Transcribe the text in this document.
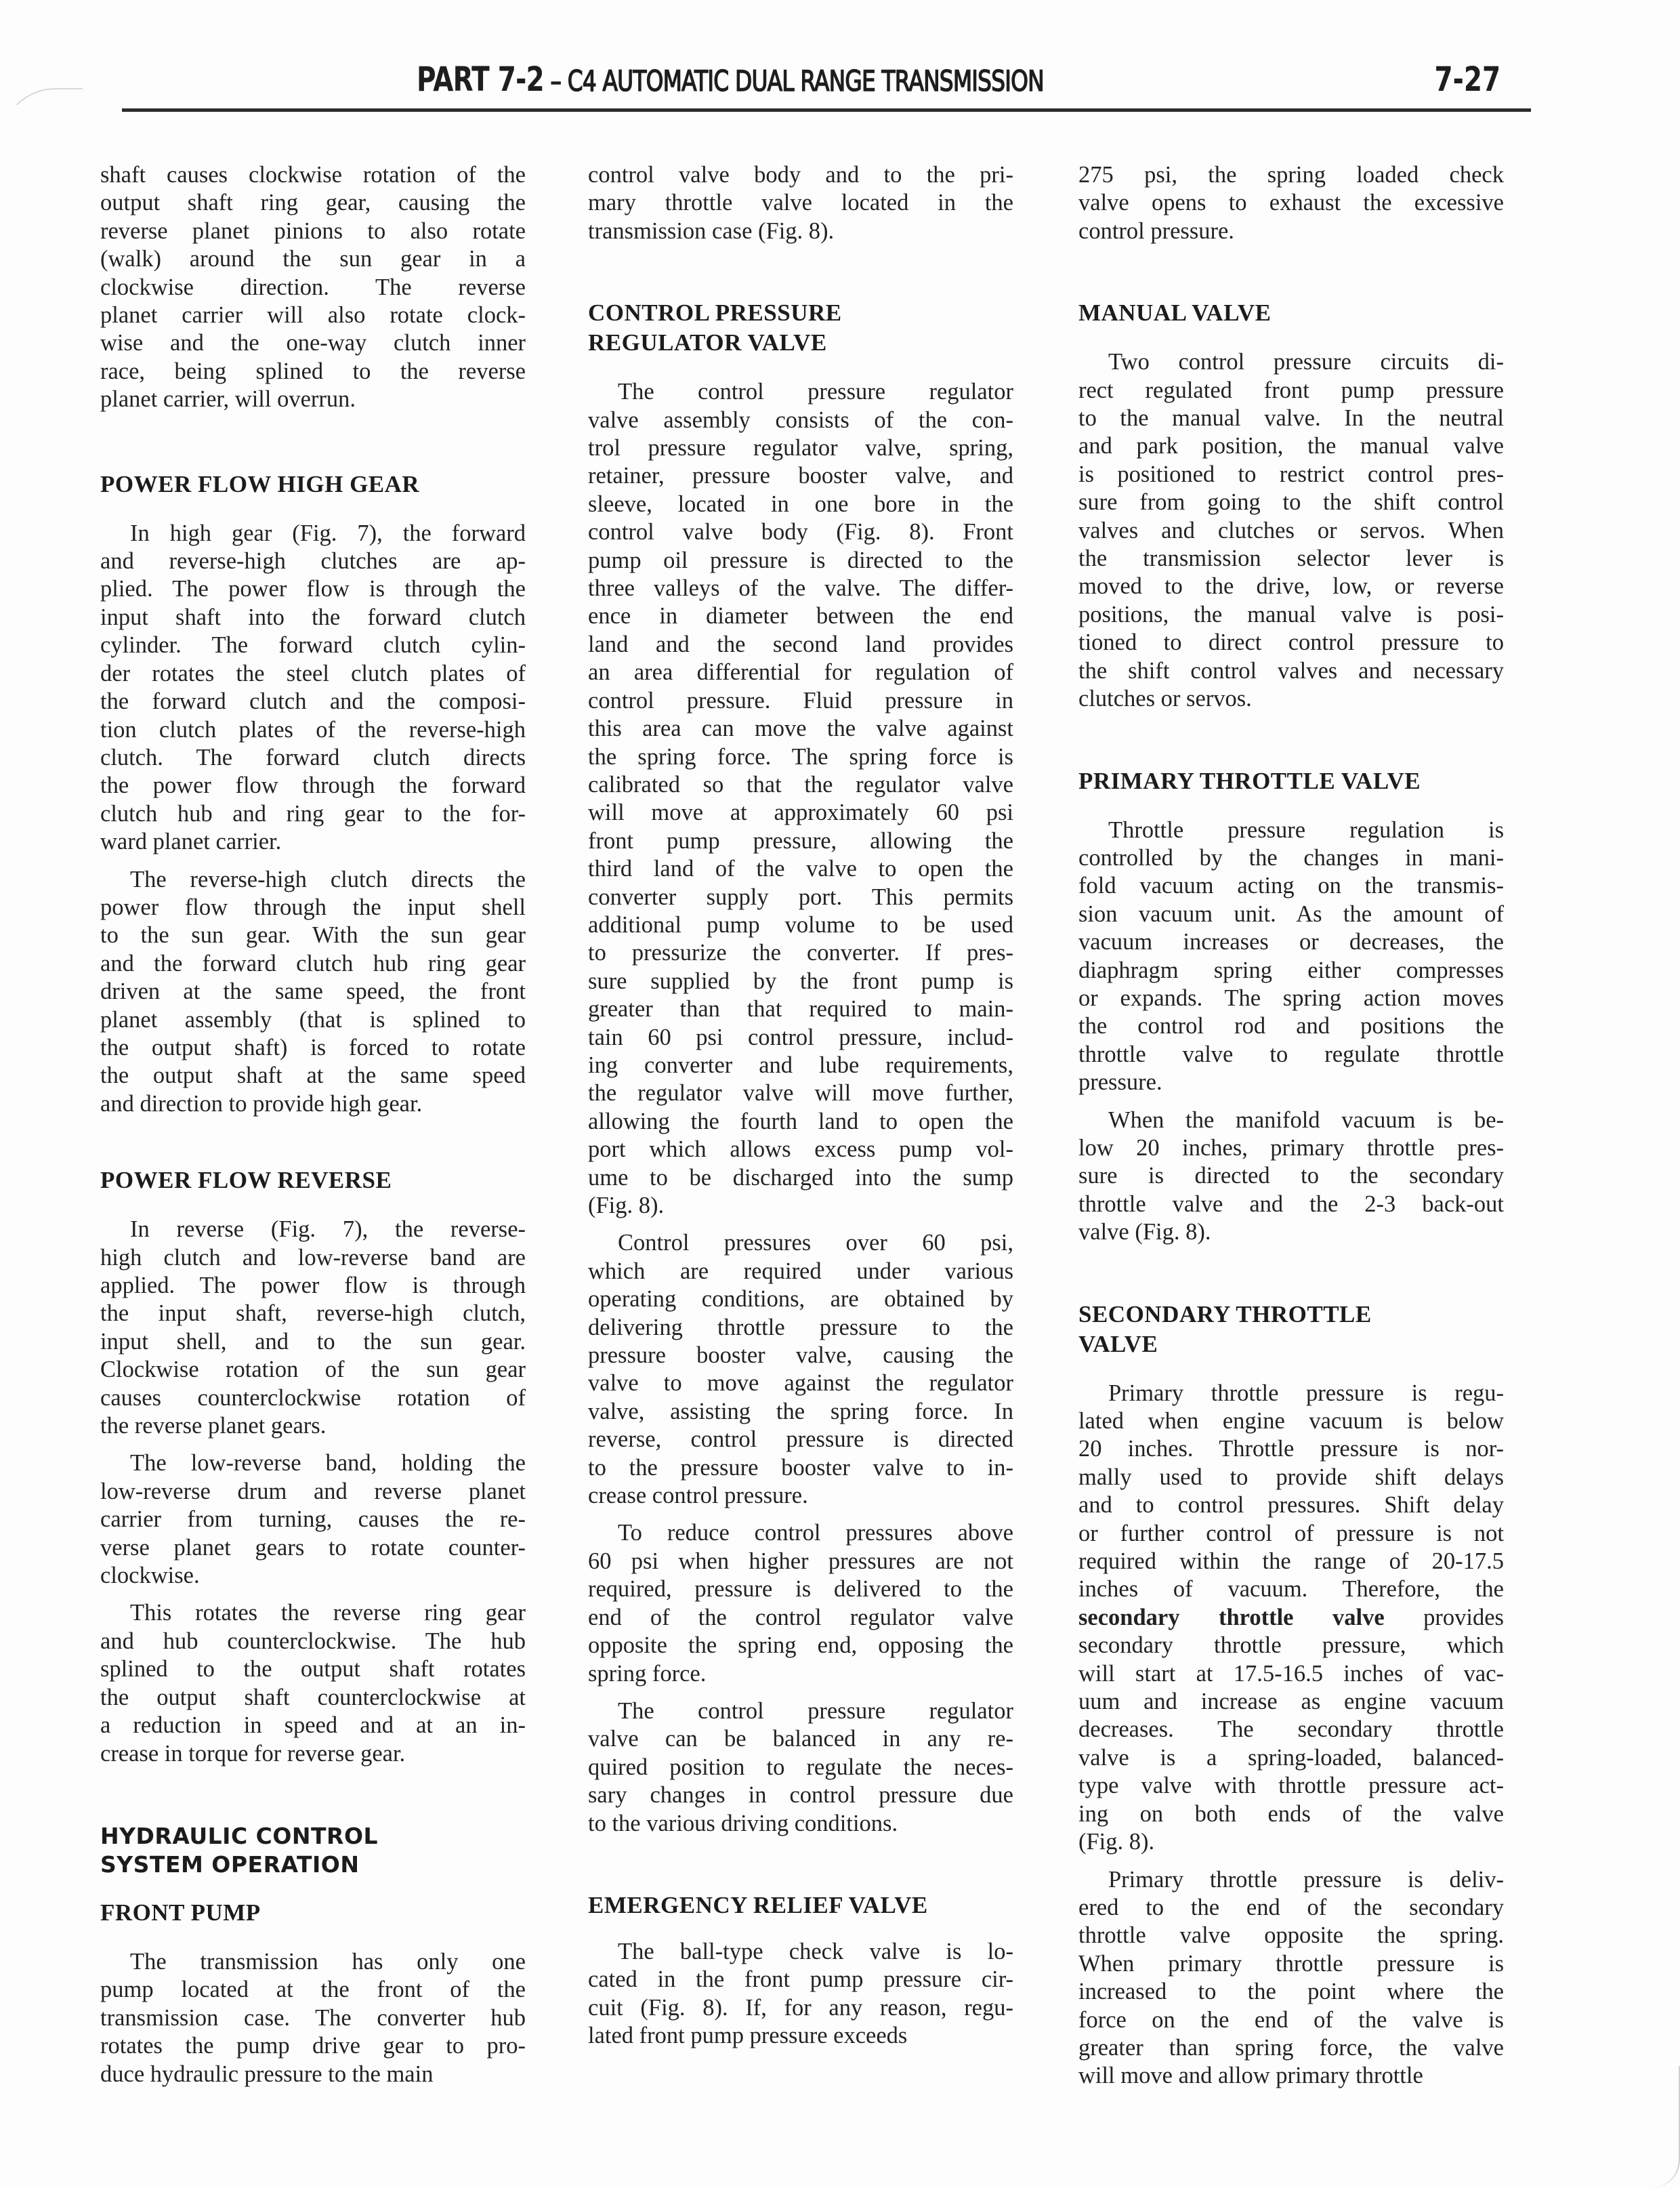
PART 7-2 – C4 AUTOMATIC DUAL RANGE TRANSMISSION	7-27
shaft causes clockwise rotation of the
output shaft ring gear, causing the
reverse planet pinions to also rotate
(walk) around the sun gear in a
clockwise direction. The reverse
planet carrier will also rotate clock-
wise and the one-way clutch inner
race, being splined to the reverse
planet carrier, will overrun.
POWER FLOW HIGH GEAR
In high gear (Fig. 7), the forward
and reverse-high clutches are ap-
plied. The power flow is through the
input shaft into the forward clutch
cylinder. The forward clutch cylin-
der rotates the steel clutch plates of
the forward clutch and the composi-
tion clutch plates of the reverse-high
clutch. The forward clutch directs
the power flow through the forward
clutch hub and ring gear to the for-
ward planet carrier.
The reverse-high clutch directs the
power flow through the input shell
to the sun gear. With the sun gear
and the forward clutch hub ring gear
driven at the same speed, the front
planet assembly (that is splined to
the output shaft) is forced to rotate
the output shaft at the same speed
and direction to provide high gear.
POWER FLOW REVERSE
In reverse (Fig. 7), the reverse-
high clutch and low-reverse band are
applied. The power flow is through
the input shaft, reverse-high clutch,
input shell, and to the sun gear.
Clockwise rotation of the sun gear
causes counterclockwise rotation of
the reverse planet gears.
The low-reverse band, holding the
low-reverse drum and reverse planet
carrier from turning, causes the re-
verse planet gears to rotate counter-
clockwise.
This rotates the reverse ring gear
and hub counterclockwise. The hub
splined to the output shaft rotates
the output shaft counterclockwise at
a reduction in speed and at an in-
crease in torque for reverse gear.
HYDRAULIC CONTROL
SYSTEM OPERATION
FRONT PUMP
The transmission has only one
pump located at the front of the
transmission case. The converter hub
rotates the pump drive gear to pro-
duce hydraulic pressure to the main
control valve body and to the pri-
mary throttle valve located in the
transmission case (Fig. 8).
CONTROL PRESSURE
REGULATOR VALVE
The control pressure regulator
valve assembly consists of the con-
trol pressure regulator valve, spring,
retainer, pressure booster valve, and
sleeve, located in one bore in the
control valve body (Fig. 8). Front
pump oil pressure is directed to the
three valleys of the valve. The differ-
ence in diameter between the end
land and the second land provides
an area differential for regulation of
control pressure. Fluid pressure in
this area can move the valve against
the spring force. The spring force is
calibrated so that the regulator valve
will move at approximately 60 psi
front pump pressure, allowing the
third land of the valve to open the
converter supply port. This permits
additional pump volume to be used
to pressurize the converter. If pres-
sure supplied by the front pump is
greater than that required to main-
tain 60 psi control pressure, includ-
ing converter and lube requirements,
the regulator valve will move further,
allowing the fourth land to open the
port which allows excess pump vol-
ume to be discharged into the sump
(Fig. 8).
Control pressures over 60 psi,
which are required under various
operating conditions, are obtained by
delivering throttle pressure to the
pressure booster valve, causing the
valve to move against the regulator
valve, assisting the spring force. In
reverse, control pressure is directed
to the pressure booster valve to in-
crease control pressure.
To reduce control pressures above
60 psi when higher pressures are not
required, pressure is delivered to the
end of the control regulator valve
opposite the spring end, opposing the
spring force.
The control pressure regulator
valve can be balanced in any re-
quired position to regulate the neces-
sary changes in control pressure due
to the various driving conditions.
EMERGENCY RELIEF VALVE
The ball-type check valve is lo-
cated in the front pump pressure cir-
cuit (Fig. 8). If, for any reason, regu-
lated front pump pressure exceeds
275 psi, the spring loaded check
valve opens to exhaust the excessive
control pressure.
MANUAL VALVE
Two control pressure circuits di-
rect regulated front pump pressure
to the manual valve. In the neutral
and park position, the manual valve
is positioned to restrict control pres-
sure from going to the shift control
valves and clutches or servos. When
the transmission selector lever is
moved to the drive, low, or reverse
positions, the manual valve is posi-
tioned to direct control pressure to
the shift control valves and necessary
clutches or servos.
PRIMARY THROTTLE VALVE
Throttle pressure regulation is
controlled by the changes in mani-
fold vacuum acting on the transmis-
sion vacuum unit. As the amount of
vacuum increases or decreases, the
diaphragm spring either compresses
or expands. The spring action moves
the control rod and positions the
throttle valve to regulate throttle
pressure.
When the manifold vacuum is be-
low 20 inches, primary throttle pres-
sure is directed to the secondary
throttle valve and the 2-3 back-out
valve (Fig. 8).
SECONDARY THROTTLE
VALVE
Primary throttle pressure is regu-
lated when engine vacuum is below
20 inches. Throttle pressure is nor-
mally used to provide shift delays
and to control pressures. Shift delay
or further control of pressure is not
required within the range of 20-17.5
inches of vacuum. Therefore, the
secondary throttle valve provides
secondary throttle pressure, which
will start at 17.5-16.5 inches of vac-
uum and increase as engine vacuum
decreases. The secondary throttle
valve is a spring-loaded, balanced-
type valve with throttle pressure act-
ing on both ends of the valve
(Fig. 8).
Primary throttle pressure is deliv-
ered to the end of the secondary
throttle valve opposite the spring.
When primary throttle pressure is
increased to the point where the
force on the end of the valve is
greater than spring force, the valve
will move and allow primary throttle
